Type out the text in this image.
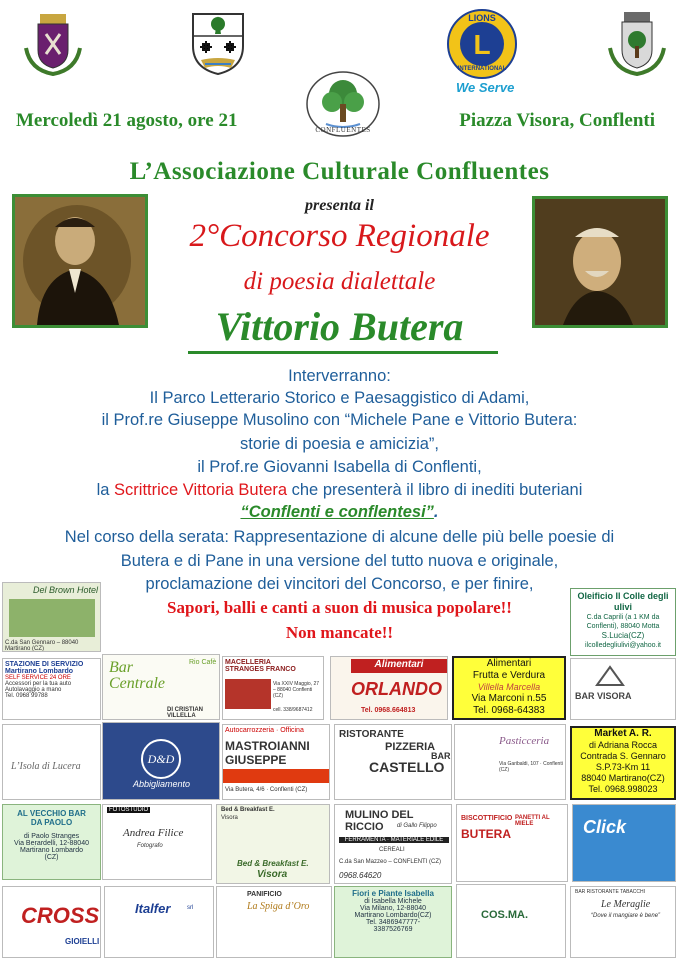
LIONS
L
INTERNATIONAL
We Serve
CONFLUENTES
Mercoledì 21 agosto, ore 21	Piazza Visora, Conflenti
L’Associazione Culturale Confluentes
presenta il
2°Concorso Regionale
di poesia dialettale
Vittorio Butera
Interverranno:
Il Parco Letterario Storico e Paesaggistico di Adami,
il Prof.re Giuseppe Musolino con “Michele Pane e Vittorio Butera:
storie di poesia e amicizia”,
il Prof.re Giovanni Isabella di Conflenti,
la Scrittrice Vittoria Butera che presenterà il libro di inediti buteriani
“Conflenti e conflentesi”.
Nel corso della serata: Rappresentazione di alcune delle più belle poesie di
Butera e di Pane in una versione del tutto nuova e originale,
proclamazione dei vincitori del Concorso, e per finire,
Sapori, balli e canti a suon di musica popolare!!
Non mancate!!
Del Brown Hotel
C.da San Gennaro – 88040 Martirano (CZ)
Oleificio Il Colle degli ulivi
C.da Caprili (a 1 KM da Conflenti), 88040 Motta
S.Lucia(CZ)
ilcolledegliulivi@yahoo.it
STAZIONE DI SERVIZIO
Martirano Lombardo
SELF SERVICE 24 ORE
Accessori per la tua auto
Autolavaggio a mano
Tel. 0968 99788
Bar
Centrale
Rio Cafè
DI CRISTIAN VILLELLA
MACELLERIA
STRANGES FRANCO
Via XXIV Maggio, 27 – 88040 Conflenti (CZ)
cell. 338/9687412
Alimentari
ORLANDO
Tel. 0968.664813
Alimentari
Frutta e Verdura
Villella Marcella
Via Marconi n.55
Tel. 0968-64383
BAR VISORA
L’Isola di Lucera
D&D
Abbigliamento
Autocarrozzeria · Officina
MASTROIANNI
GIUSEPPE
Via Butera, 4/6 · Conflenti (CZ)
RISTORANTE
PIZZERIA
BAR
CASTELLO
Pasticceria
Via Garibaldi, 107 · Conflenti (CZ)
Market A. R.
di Adriana Rocca
Contrada S. Gennaro
S.P.73-Km 11
88040 Martirano(CZ)
Tel. 0968.998023
AL VECCHIO BAR
DA PAOLO
di Paolo Stranges
Via Berardelli, 12-88040
Martirano Lombardo
(CZ)
FOTOSTUDIO
Andrea Filice
Fotografo
Bed & Breakfast E.
Visora
Bed & Breakfast E.
Visora
MULINO DEL RICCIO	di Gallo Filippo
FERRAMENTA · MATERIALE EDILE
CEREALI
C.da San Mazzeo – CONFLENTI (CZ)
0968.64620
BISCOTTIFICIO
BUTERA
PANETTI AL MIELE	Click
CROSS
GIOIELLI
Italfer	srl
PANIFICIO
La Spiga d’Oro
Fiori e Piante Isabella
di Isabella Michele
Via Milano, 12-88040
Martirano Lombardo(CZ)
Tel. 3486947777-
3387526769
COS.MA.
BAR RISTORANTE TABACCHI
Le Meraglie
“Dove il mangiare è bene”
